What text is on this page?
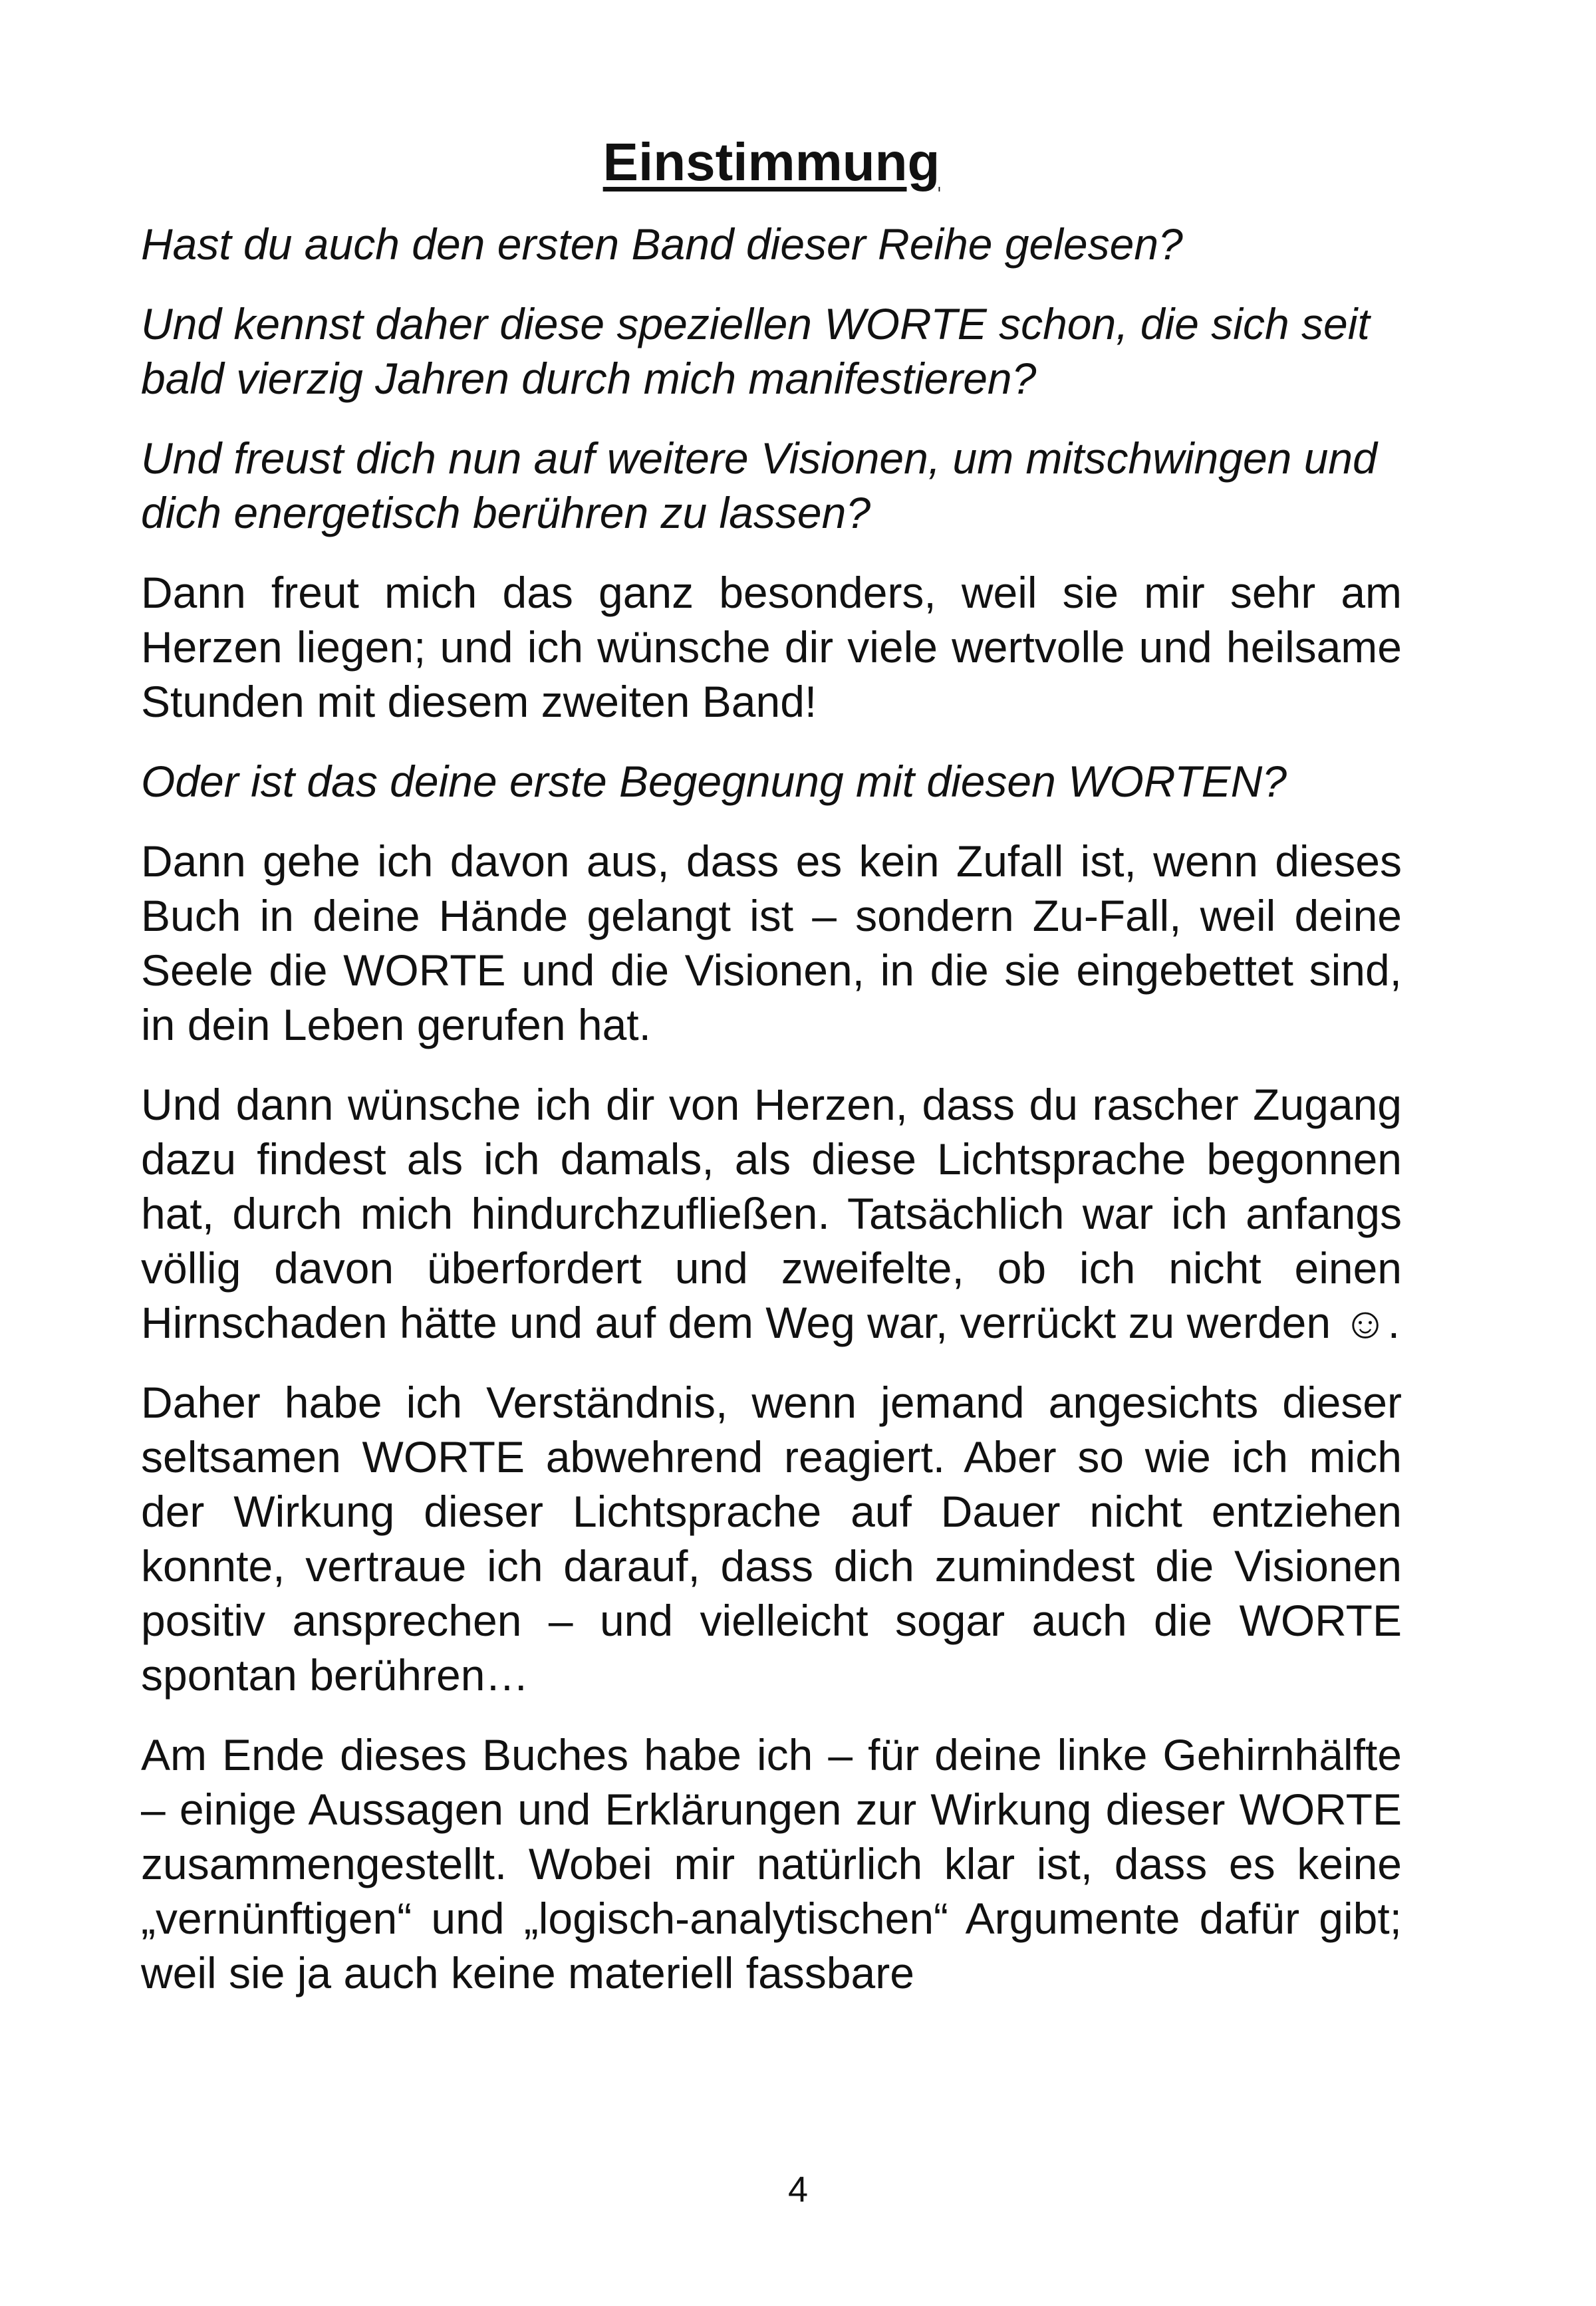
Einstimmung

Hast du auch den ersten Band dieser Reihe gelesen?

Und kennst daher diese speziellen WORTE schon, die sich seit bald vierzig Jahren durch mich manifestieren?

Und freust dich nun auf weitere Visionen, um mitschwingen und dich energetisch berühren zu lassen?

Dann freut mich das ganz besonders, weil sie mir sehr am Herzen liegen; und ich wünsche dir viele wertvolle und heilsame Stunden mit diesem zweiten Band!

Oder ist das deine erste Begegnung mit diesen WORTEN?

Dann gehe ich davon aus, dass es kein Zufall ist, wenn dieses Buch in deine Hände gelangt ist – sondern Zu-Fall, weil deine Seele die WORTE und die Visionen, in die sie eingebettet sind, in dein Leben gerufen hat.

Und dann wünsche ich dir von Herzen, dass du rascher Zugang dazu findest als ich damals, als diese Lichtsprache begonnen hat, durch mich hindurchzufließen. Tatsächlich war ich anfangs völlig davon überfordert und zweifelte, ob ich nicht einen Hirnschaden hätte und auf dem Weg war, verrückt zu werden ☺.

Daher habe ich Verständnis, wenn jemand angesichts dieser seltsamen WORTE abwehrend reagiert. Aber so wie ich mich der Wirkung dieser Lichtsprache auf Dauer nicht entziehen konnte, vertraue ich darauf, dass dich zumindest die Visionen positiv ansprechen – und vielleicht sogar auch die WORTE spontan berühren…

Am Ende dieses Buches habe ich – für deine linke Gehirnhälfte – einige Aussagen und Erklärungen zur Wirkung dieser WORTE zusammengestellt. Wobei mir natürlich klar ist, dass es keine „vernünftigen“ und „logisch-analytischen“ Argumente dafür gibt; weil sie ja auch keine materiell fassbare

4
